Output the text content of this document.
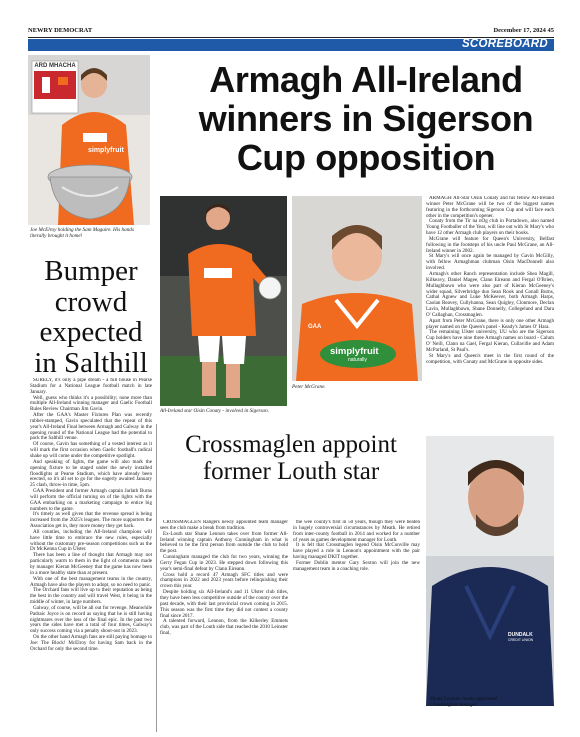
NEWRY DEMOCRAT	December 17, 2024 45
SCOREBOARD
ARD MHACHA
simplyfruit
Joe McElroy holding the Sam Maguire. His hands literally brought it home!
Armagh All-Ireland winners in Sigerson Cup opposition
All-Ireland star Oisin Conaty - involved in Sigerson.
GAA
simplyfruit
naturally
Peter McGrane.

ARMAGH All-Star Oisin Conaty and his fellow All-Ireland winner Peter McGrane will be two of the biggest names featuring in the forthcoming Sigerson Cup and will face each other in the competition's opener.

Conaty from the Tir na nOg club in Portadown, also named Young Footballer of the Year, will line out with St Mary's who have 12 other Armagh club players on their books.

McGrane will feature for Queen's University, Belfast following in the footsteps of his uncle Paul McGrane, an All-Ireland winner in 2002.

St Mary's will once again be managed by Gavin McGilly, with fellow Armaghman clubman Oisin MacDonnell also involved.

Armagh's other Ranch representation include Shea Magill, Kilkeavy, Daniel Magee, Clann Eireann and Fergal O'Brien, Mullaghbawn who were also part of Kieran McGeeney's wider squad, Silverbridge duo Sean Rook and Conall Burns, Cathal Agnew and Luke McKeever, both Armagh Harps, Caolan Reavey, Cullyhanna, Sean Quigley, Clonmore, Declan Lavin, Mullaghbawn, Shane Donnelly, Collegeland and Dara O' Callaghan, Crossmaglen.

Apart from Peter McGrane, there is only one other Armagh player named on the Queen's panel - Keady's James O' Hara.

The remaining Ulster university, UU who are the Sigerson Cup holders have nine three Armagh names on board - Calum O' Neill, Clann na Gael, Fergal Kieran, Cullaville and Adam McParland, St Paul's.

St Mary's and Queen's meet in the first round of the competition, with Conaty and McGrane in opposite sides.

Bumper crowd expected in Salthill

SURELY, it's only a pipe dream - a full house in Pearse Stadium for a National League football match in late January.

Well, guess who thinks it's a possibility; none more than multiple All-Ireland winning manager and Gaelic Football Rules Review Chairman Jim Gavin.

After the GAA's Master Fixtures Plan was recently rubber-stamped, Gavin speculated that the repeat of this year's All-Ireland Final between Armagh and Galway in the opening round of the National League had the potential to pack the Salthill venue.

Of course, Gavin has something of a vested interest as it will mark the first occasion when Gaelic football's radical shake up will come under the competitive spotlight.

And speaking of lights, the game will also mark the opening fixture to be staged under the newly installed floodlights at Pearse Stadium, which have already been erected, so it's all set to go for the eagerly awaited January 25 clash, throw-in time, 5pm.

GAA President and former Armagh captain Jarlath Burns will perform the official turning on of the lights with the GAA embarking on a marketing campaign to entice big numbers to the game.

It's timely as well given that the revenue spread is being increased from the 2025's leagues. The more supporters the Association get in, they more money they get back.

All counties, including the All-Ireland champions will have little time to embrace the new rules, especially without the customary pre-season competitions such as the Dr McKenna Cup in Ulster.

There has been a line of thought that Armagh may not particularly warm to them in the light of comments made by manager Kieran McGeeney that the game has now been in a more healthy state than at present.

With one of the best management teams in the country, Armagh have also the players to adopt, so no need to panic.

The Orchard fans will live up to their reputation as being the best in the country and will travel West, it being in the middle of winter, in large numbers.

Galway, of course, will be all out for revenge. Meanwhile Padraic Joyce is on record as saying that he is still having nightmares over the loss of the final epic. In the past two years the sides have met a total of four times, Galway's only success coming via a penalty shoot-out in 2023.

On the other hand Armagh fans are still paying homage to Joe: The Block! McElroy for having Sam back in the Orchard for only the second time.

Crossmaglen appoint former Louth star

CROSSMAGLEN Rangers newly appointed team manager sees the club make a break from tradition.

Ex-Louth star Shane Lennon takes over from former All-Ireland winning captain Anthony Cunningham in what is believed to be the first person from outside the club to hold the post.

Cunningham managed the club for two years, winning the Gerry Fegan Cup in 2023. He stepped down following this year's semi-final defeat by Clann Eireann.

Cross hold a record 47 Armagh SFC titles and were champions in 2022 and 2023 years before relinquishing their crown this year.

Despite holding six All-Ireland's and 11 Ulster club titles, they have been less competitive outside of the county over the past decade, with their last provincial crown coming in 2015. This season was the first time they did not contest a county final since 2017.

A talented forward, Lennon, from the Kilkerley Emmets club, was part of the Louth side that reached the 2010 Leinster final,

the wee county's first in 50 years, though they were beaten in hugely controversial circumstances by Meath. He retired from inter-county football in 2014 and worked for a number of years as games development manager for Louth.

It is felt that Crossmaglen legend Oisin McConville may have played a role in Lennon's appointment with the pair having managed DKIT together.

Former Dublin mentor Gary Sexton will join the new management team in a coaching role.

DUNDALK
CREDIT UNION
Shane Lennon- newly appointed Crossmaglen manager.
